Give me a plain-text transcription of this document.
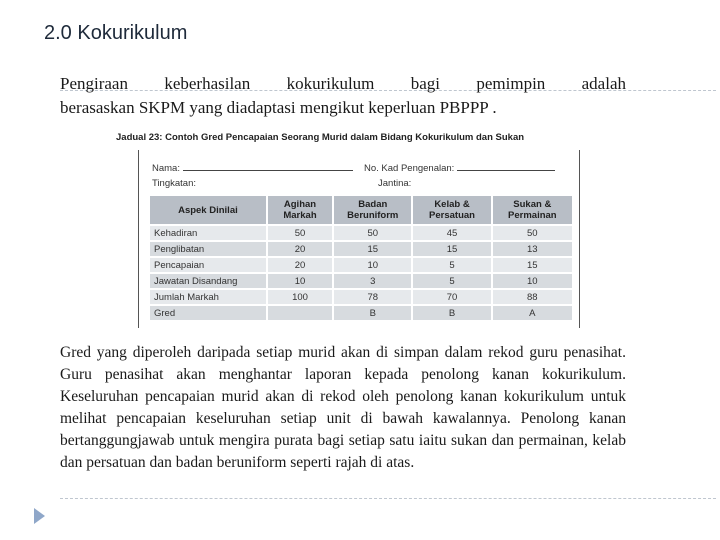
2.0 Kokurikulum
Pengiraan keberhasilan kokurikulum bagi pemimpin adalah
berasaskan SKPM yang diadaptasi mengikut keperluan PBPPP .
Jadual 23: Contoh Gred Pencapaian Seorang Murid dalam Bidang Kokurikulum dan Sukan
Nama:	No. Kad Pengenalan:
Tingkatan:	Jantina:
Aspek Dinilai	Agihan Markah	Badan Beruniform	Kelab & Persatuan	Sukan & Permainan
Kehadiran	50	50	45	50
Penglibatan	20	15	15	13
Pencapaian	20	10	5	15
Jawatan Disandang	10	3	5	10
Jumlah Markah	100	78	70	88
Gred		B	B	A
Gred yang diperoleh daripada setiap murid akan di simpan dalam rekod guru penasihat. Guru penasihat akan menghantar laporan kepada penolong kanan kokurikulum. Keseluruhan pencapaian murid akan di rekod oleh penolong kanan kokurikulum untuk melihat pencapaian keseluruhan setiap unit di bawah kawalannya. Penolong kanan bertanggungjawab untuk mengira purata bagi setiap satu iaitu sukan dan permainan, kelab dan persatuan dan badan beruniform seperti rajah di atas.
